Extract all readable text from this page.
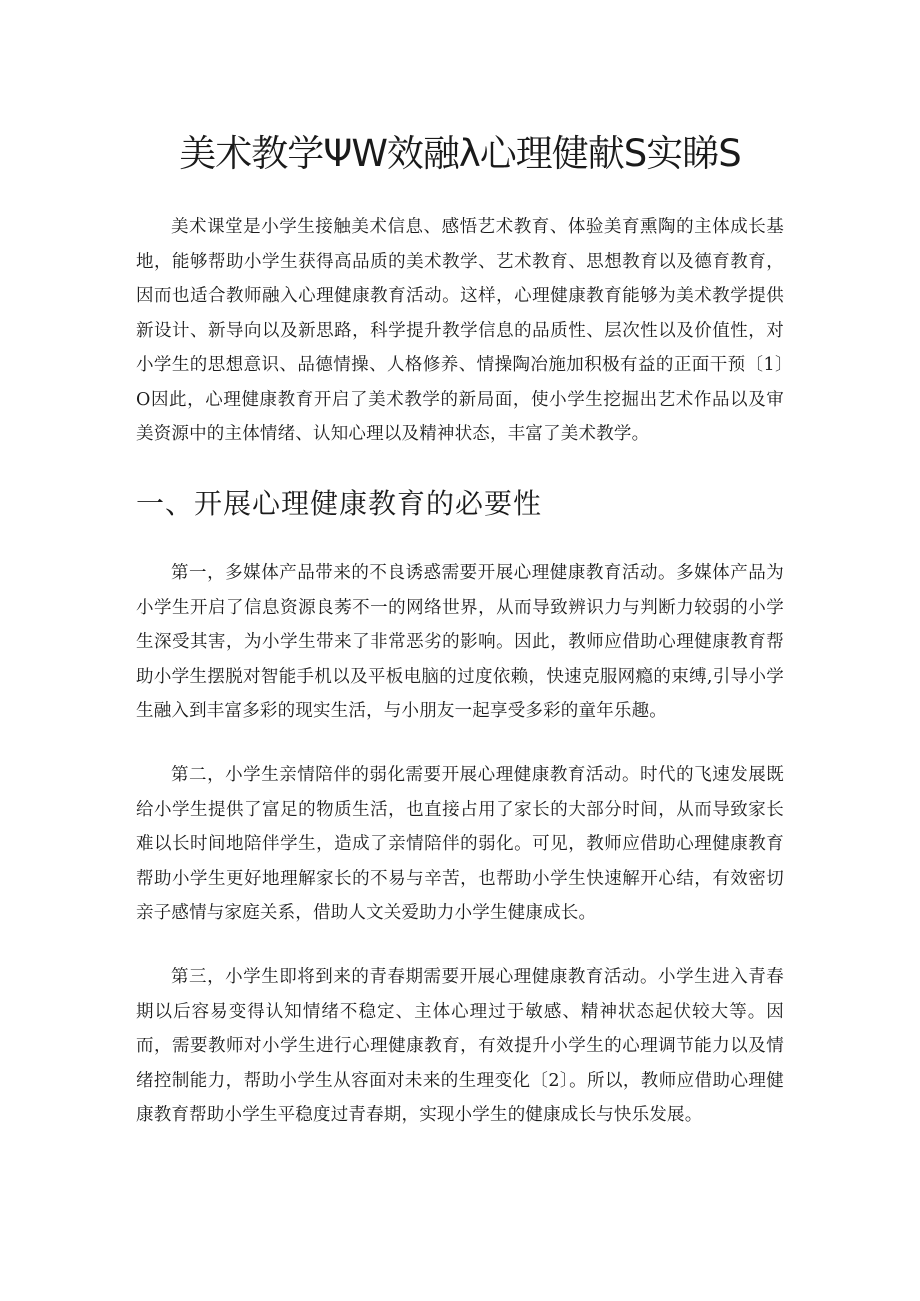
美术教学ΨW效融λ心理健献S实睇S

美术课堂是小学生接触美术信息、感悟艺术教育、体验美育熏陶的主体成长基地，能够帮助小学生获得高品质的美术教学、艺术教育、思想教育以及德育教育，因而也适合教师融入心理健康教育活动。这样，心理健康教育能够为美术教学提供新设计、新导向以及新思路，科学提升教学信息的品质性、层次性以及价值性，对小学生的思想意识、品德情操、人格修养、情操陶冶施加积极有益的正面干预〔1〕O因此，心理健康教育开启了美术教学的新局面，使小学生挖掘出艺术作品以及审美资源中的主体情绪、认知心理以及精神状态，丰富了美术教学。

一、开展心理健康教育的必要性

第一，多媒体产品带来的不良诱惑需要开展心理健康教育活动。多媒体产品为小学生开启了信息资源良莠不一的网络世界，从而导致辨识力与判断力较弱的小学生深受其害，为小学生带来了非常恶劣的影响。因此，教师应借助心理健康教育帮助小学生摆脱对智能手机以及平板电脑的过度依赖，快速克服网瘾的束缚,引导小学生融入到丰富多彩的现实生活，与小朋友一起享受多彩的童年乐趣。

第二，小学生亲情陪伴的弱化需要开展心理健康教育活动。时代的飞速发展既给小学生提供了富足的物质生活，也直接占用了家长的大部分时间，从而导致家长难以长时间地陪伴学生，造成了亲情陪伴的弱化。可见，教师应借助心理健康教育帮助小学生更好地理解家长的不易与辛苦，也帮助小学生快速解开心结，有效密切亲子感情与家庭关系，借助人文关爱助力小学生健康成长。

第三，小学生即将到来的青春期需要开展心理健康教育活动。小学生进入青春期以后容易变得认知情绪不稳定、主体心理过于敏感、精神状态起伏较大等。因而，需要教师对小学生进行心理健康教育，有效提升小学生的心理调节能力以及情绪控制能力，帮助小学生从容面对未来的生理变化〔2〕。所以，教师应借助心理健康教育帮助小学生平稳度过青春期，实现小学生的健康成长与快乐发展。
